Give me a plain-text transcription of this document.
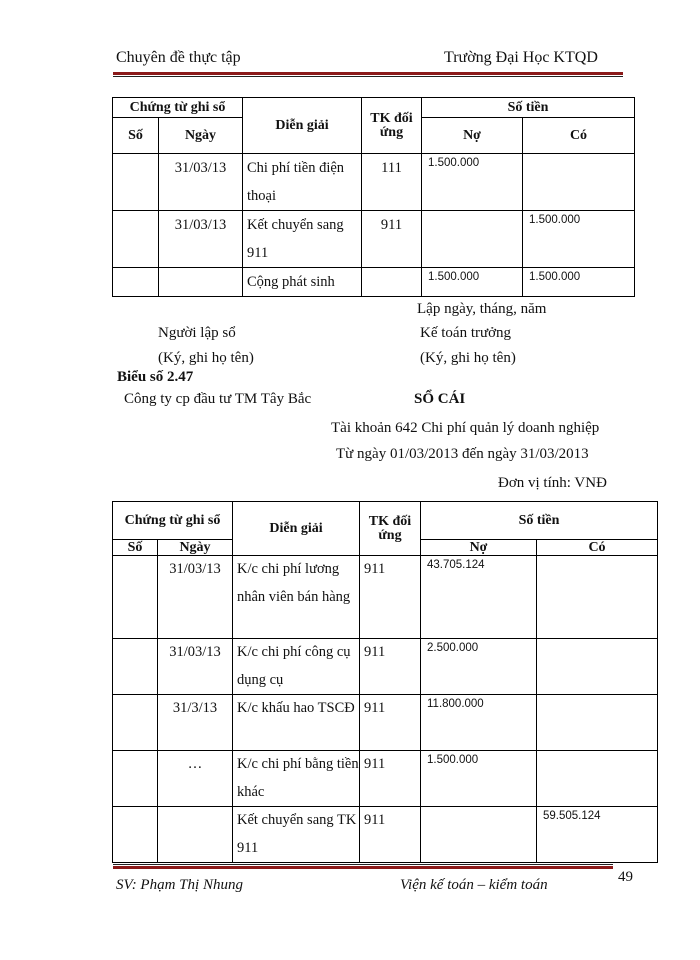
Chuyên đề thực tập	Trường Đại Học KTQD
Chứng từ ghi sổ		Diễn giải	TK đối ứng	Số tiền	
Số	Ngày			Nợ	Có
	31/03/13	Chi phí tiền điện thoại	111	1.500.000	
	31/03/13	Kết chuyển sang 911	911		1.500.000
		Cộng phát sinh		1.500.000	1.500.000
Lập ngày, tháng, năm
Người lập sổ	Kế toán trưởng
(Ký, ghi họ tên)	(Ký, ghi họ tên)
Biểu số 2.47
Công ty cp đầu tư TM Tây Bắc	SỔ CÁI
Tài khoản 642 Chi phí quản lý doanh nghiệp
Từ ngày 01/03/2013 đến ngày 31/03/2013
Đơn vị tính: VNĐ
Chứng từ ghi sổ		Diễn giải	TK đối ứng	Số tiền	
Số	Ngày			Nợ	Có
	31/03/13	K/c chi phí lương nhân viên bán hàng	911	43.705.124	
	31/03/13	K/c chi phí công cụ dụng cụ	911	2.500.000	
	31/3/13	K/c khấu hao TSCĐ	911	11.800.000	
	…	K/c chi phí bằng tiền khác	911	1.500.000	
		Kết chuyển sang TK 911	911		59.505.124
SV: Phạm Thị Nhung	Viện kế toán – kiểm toán	49
